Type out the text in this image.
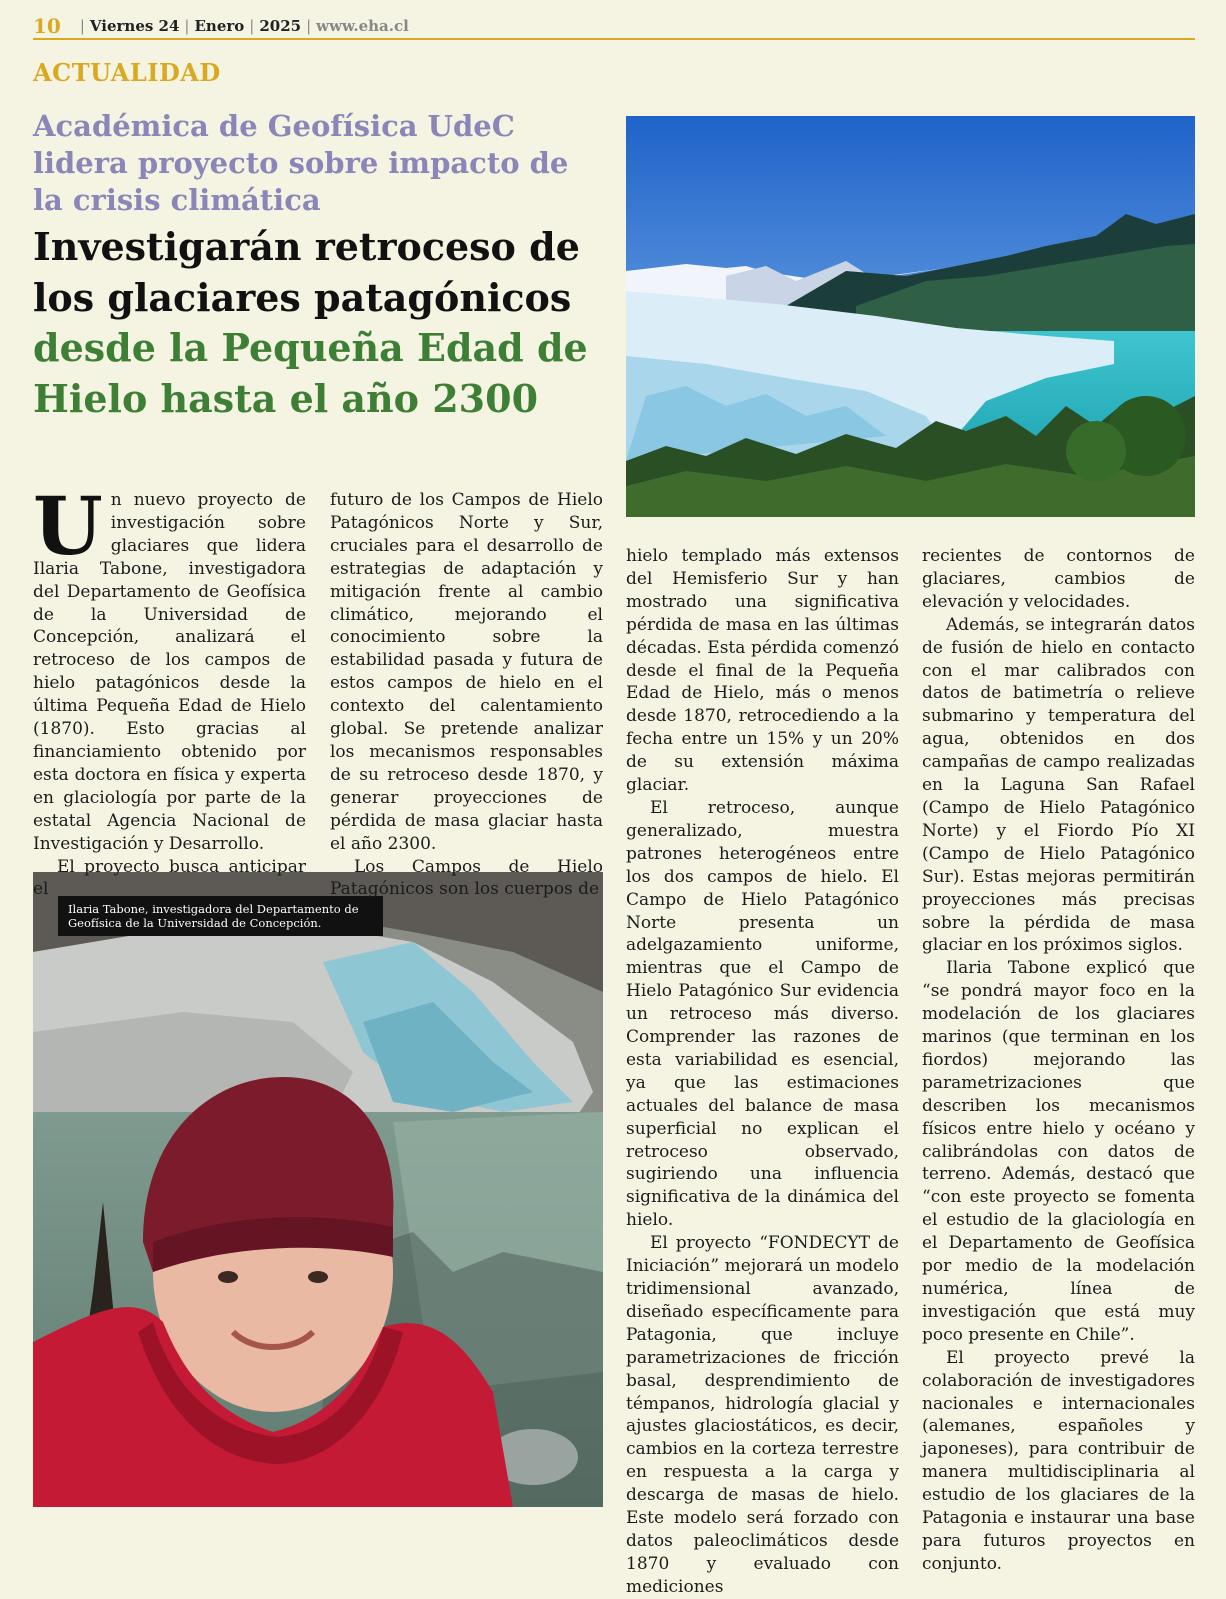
10 | Viernes 24 | Enero | 2025 | www.eha.cl
ACTUALIDAD
Académica de Geofísica UdeC lidera proyecto sobre impacto de la crisis climática
Investigarán retroceso de los glaciares patagónicos desde la Pequeña Edad de Hielo hasta el año 2300
Ilaria Tabone, investigadora del Departamento de Geofísica de la Universidad de Concepción.

U n nuevo proyecto de investigación sobre glaciares que lidera Ilaria Tabone, investigadora del Departamento de Geofísica de la Universidad de Concepción, analizará el retroceso de los campos de hielo patagónicos desde la última Pequeña Edad de Hielo (1870). Esto gracias al financiamiento obtenido por esta doctora en física y experta en glaciología por parte de la estatal Agencia Nacional de Investigación y Desarrollo.

El proyecto busca anticipar el

futuro de los Campos de Hielo Patagónicos Norte y Sur, cruciales para el desarrollo de estrategias de adaptación y mitigación frente al cambio climático, mejorando el conocimiento sobre la estabilidad pasada y futura de estos campos de hielo en el contexto del calentamiento global. Se pretende analizar los mecanismos responsables de su retroceso desde 1870, y generar proyecciones de pérdida de masa glaciar hasta el año 2300.

Los Campos de Hielo Patagónicos son los cuerpos de

hielo templado más extensos del Hemisferio Sur y han mostrado una significativa pérdida de masa en las últimas décadas. Esta pérdida comenzó desde el final de la Pequeña Edad de Hielo, más o menos desde 1870, retrocediendo a la fecha entre un 15% y un 20% de su extensión máxima glaciar.

El retroceso, aunque generalizado, muestra patrones heterogéneos entre los dos campos de hielo. El Campo de Hielo Patagónico Norte presenta un adelgazamiento uniforme, mientras que el Campo de Hielo Patagónico Sur evidencia un retroceso más diverso. Comprender las razones de esta variabilidad es esencial, ya que las estimaciones actuales del balance de masa superficial no explican el retroceso observado, sugiriendo una influencia significativa de la dinámica del hielo.

El proyecto “FONDECYT de Iniciación” mejorará un modelo tridimensional avanzado, diseñado específicamente para Patagonia, que incluye parametrizaciones de fricción basal, desprendimiento de témpanos, hidrología glacial y ajustes glaciostáticos, es decir, cambios en la corteza terrestre en respuesta a la carga y descarga de masas de hielo. Este modelo será forzado con datos paleoclimáticos desde 1870 y evaluado con mediciones

recientes de contornos de glaciares, cambios de elevación y velocidades.

Además, se integrarán datos de fusión de hielo en contacto con el mar calibrados con datos de batimetría o relieve submarino y temperatura del agua, obtenidos en dos campañas de campo realizadas en la Laguna San Rafael (Campo de Hielo Patagónico Norte) y el Fiordo Pío XI (Campo de Hielo Patagónico Sur). Estas mejoras permitirán proyecciones más precisas sobre la pérdida de masa glaciar en los próximos siglos.

Ilaria Tabone explicó que “se pondrá mayor foco en la modelación de los glaciares marinos (que terminan en los fiordos) mejorando las parametrizaciones que describen los mecanismos físicos entre hielo y océano y calibrándolas con datos de terreno. Además, destacó que “con este proyecto se fomenta el estudio de la glaciología en el Departamento de Geofísica por medio de la modelación numérica, línea de investigación que está muy poco presente en Chile”.

El proyecto prevé la colaboración de investigadores nacionales e internacionales (alemanes, españoles y japoneses), para contribuir de manera multidisciplinaria al estudio de los glaciares de la Patagonia e instaurar una base para futuros proyectos en conjunto.
